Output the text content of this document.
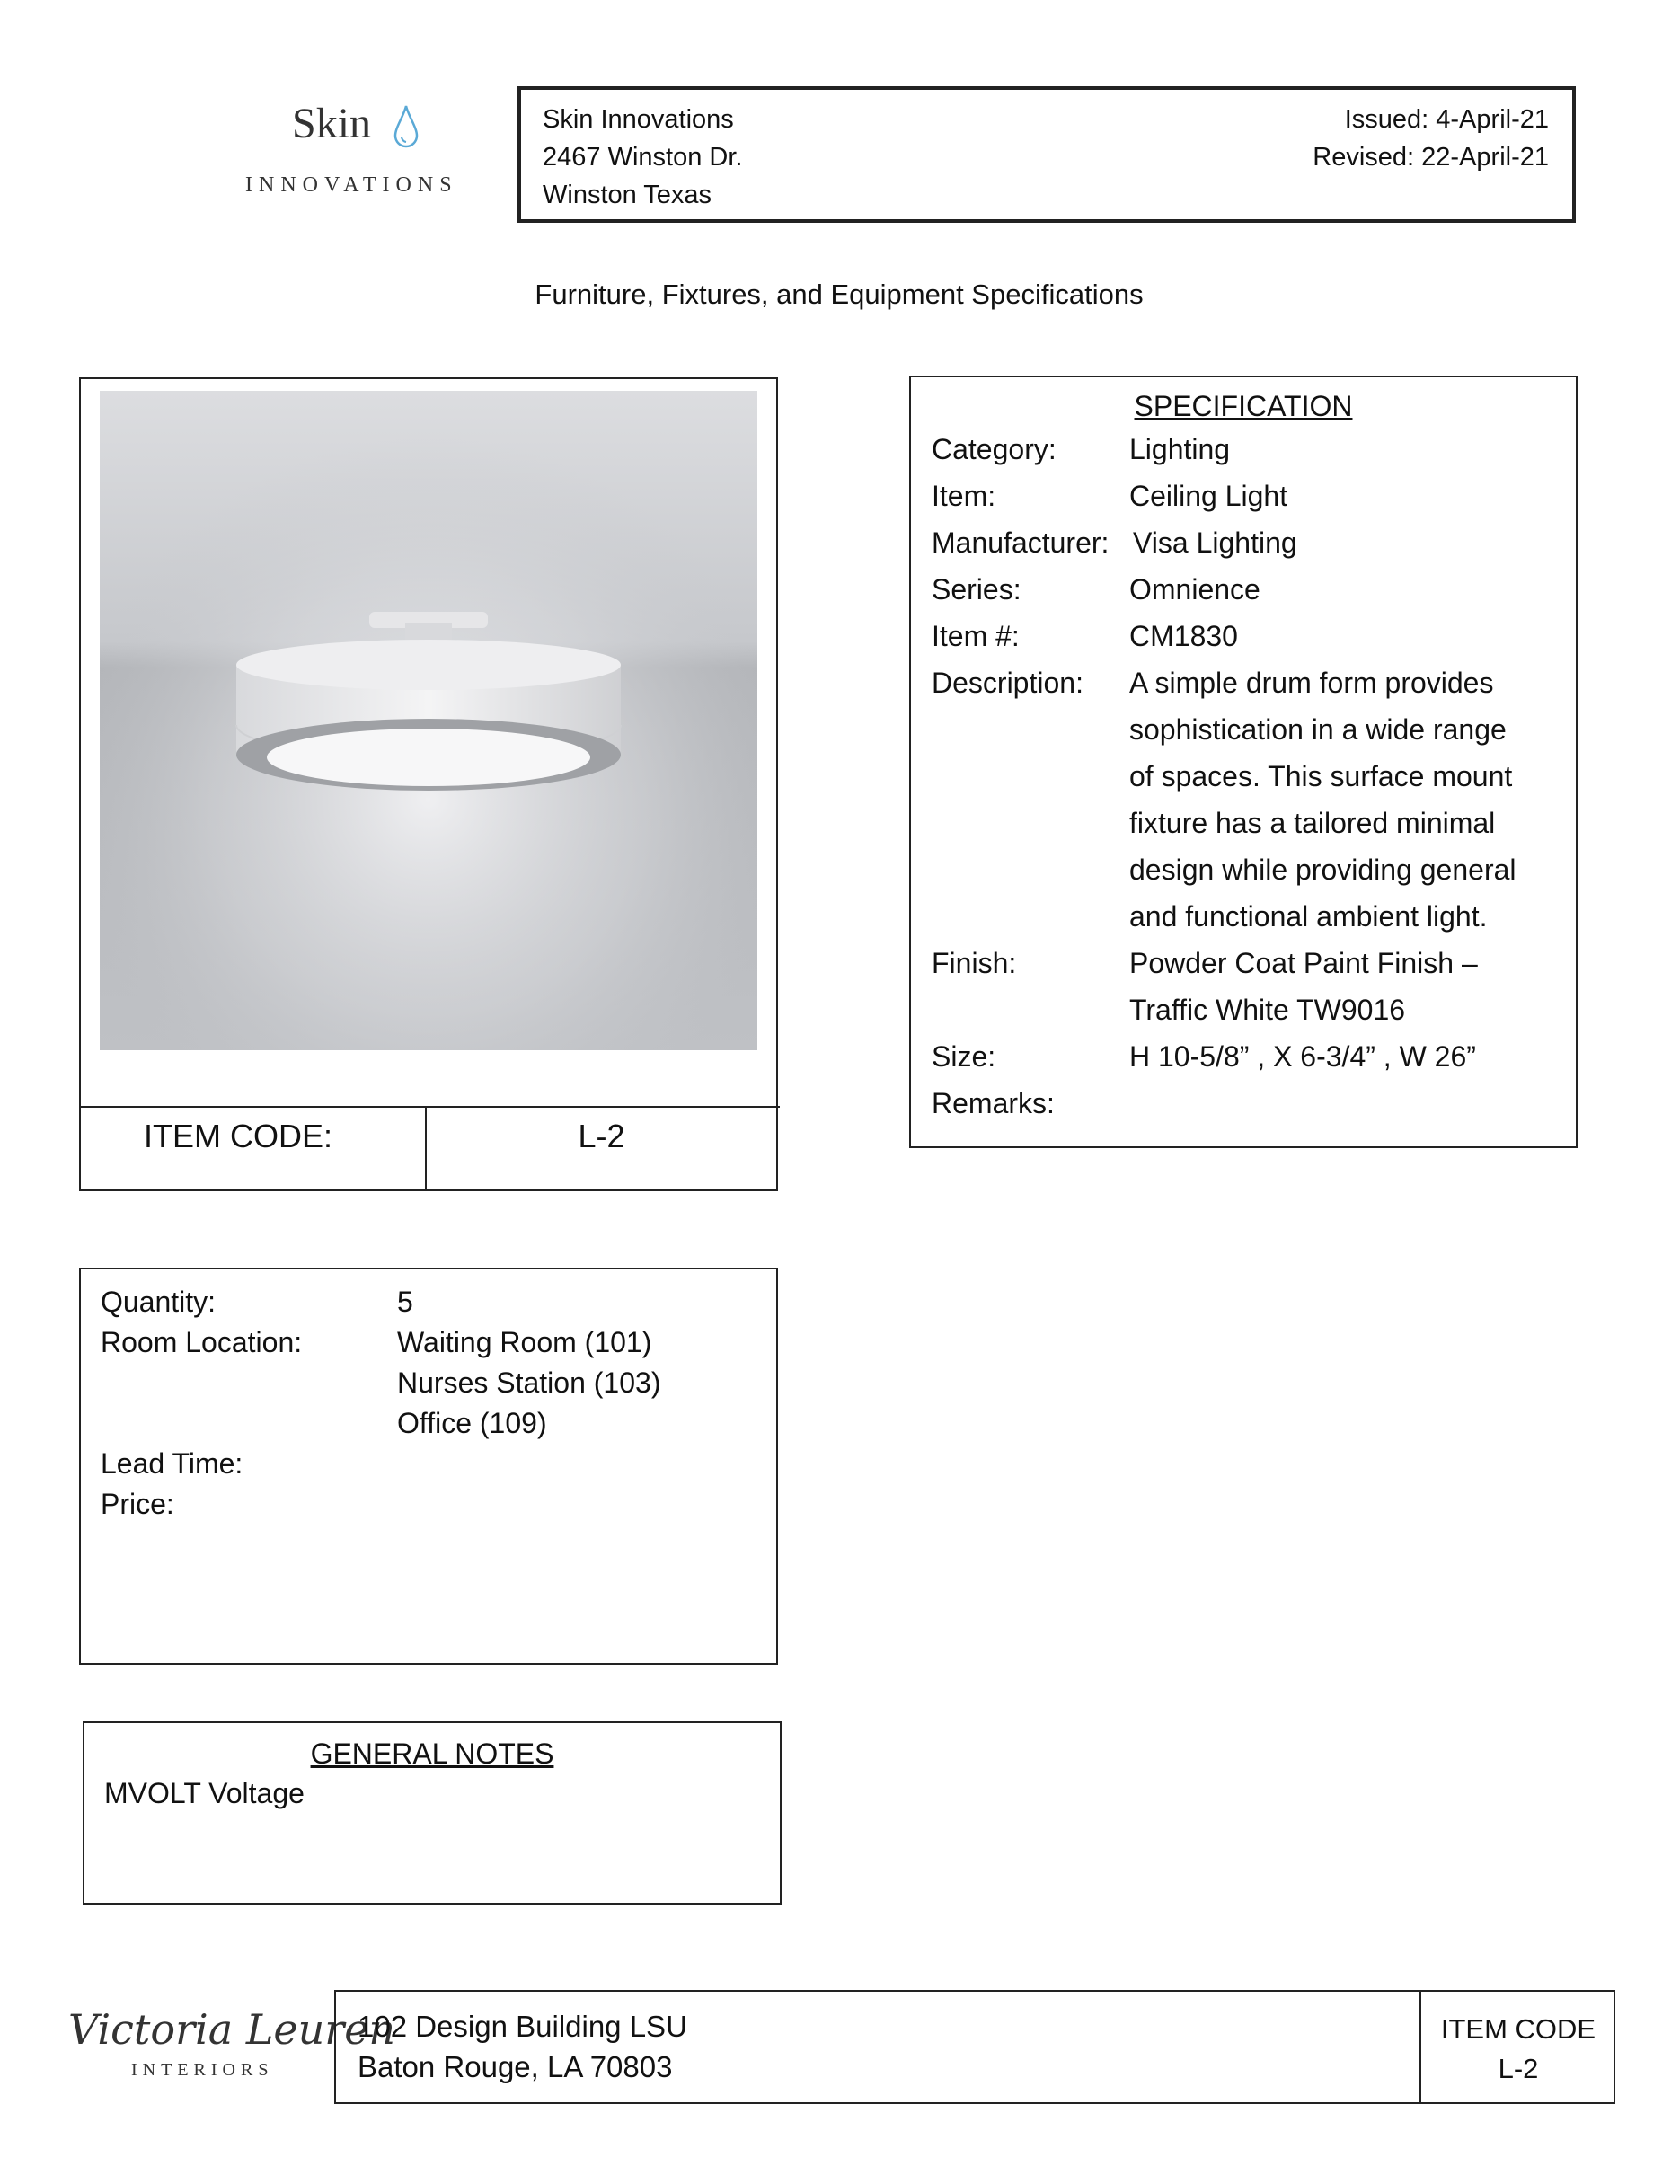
Skin
INNOVATIONS
Skin Innovations
2467 Winston Dr.
Winston Texas
Issued: 4-April-21
Revised: 22-April-21
Furniture, Fixtures, and Equipment Specifications
ITEM CODE:	L-2
SPECIFICATION
Category:	Lighting
Item:	Ceiling Light
Manufacturer: Visa Lighting
Series:	Omnience
Item #:	CM1830
Description: A simple drum form provides
sophistication in a wide range
of spaces. This surface mount
fixture has a tailored minimal
design while providing general
and functional ambient light.
Finish:	Powder Coat Paint Finish –
Traffic White TW9016
Size:	H 10-5/8” , X 6-3/4” , W 26”
Remarks:
Quantity:	5
Room Location:	Waiting Room (101)
Nurses Station (103)
Office (109)
Lead Time:
Price:
GENERAL NOTES
MVOLT Voltage
Victoria Leuren
INTERIORS
102 Design Building LSU
Baton Rouge, LA 70803
ITEM CODE
L-2
